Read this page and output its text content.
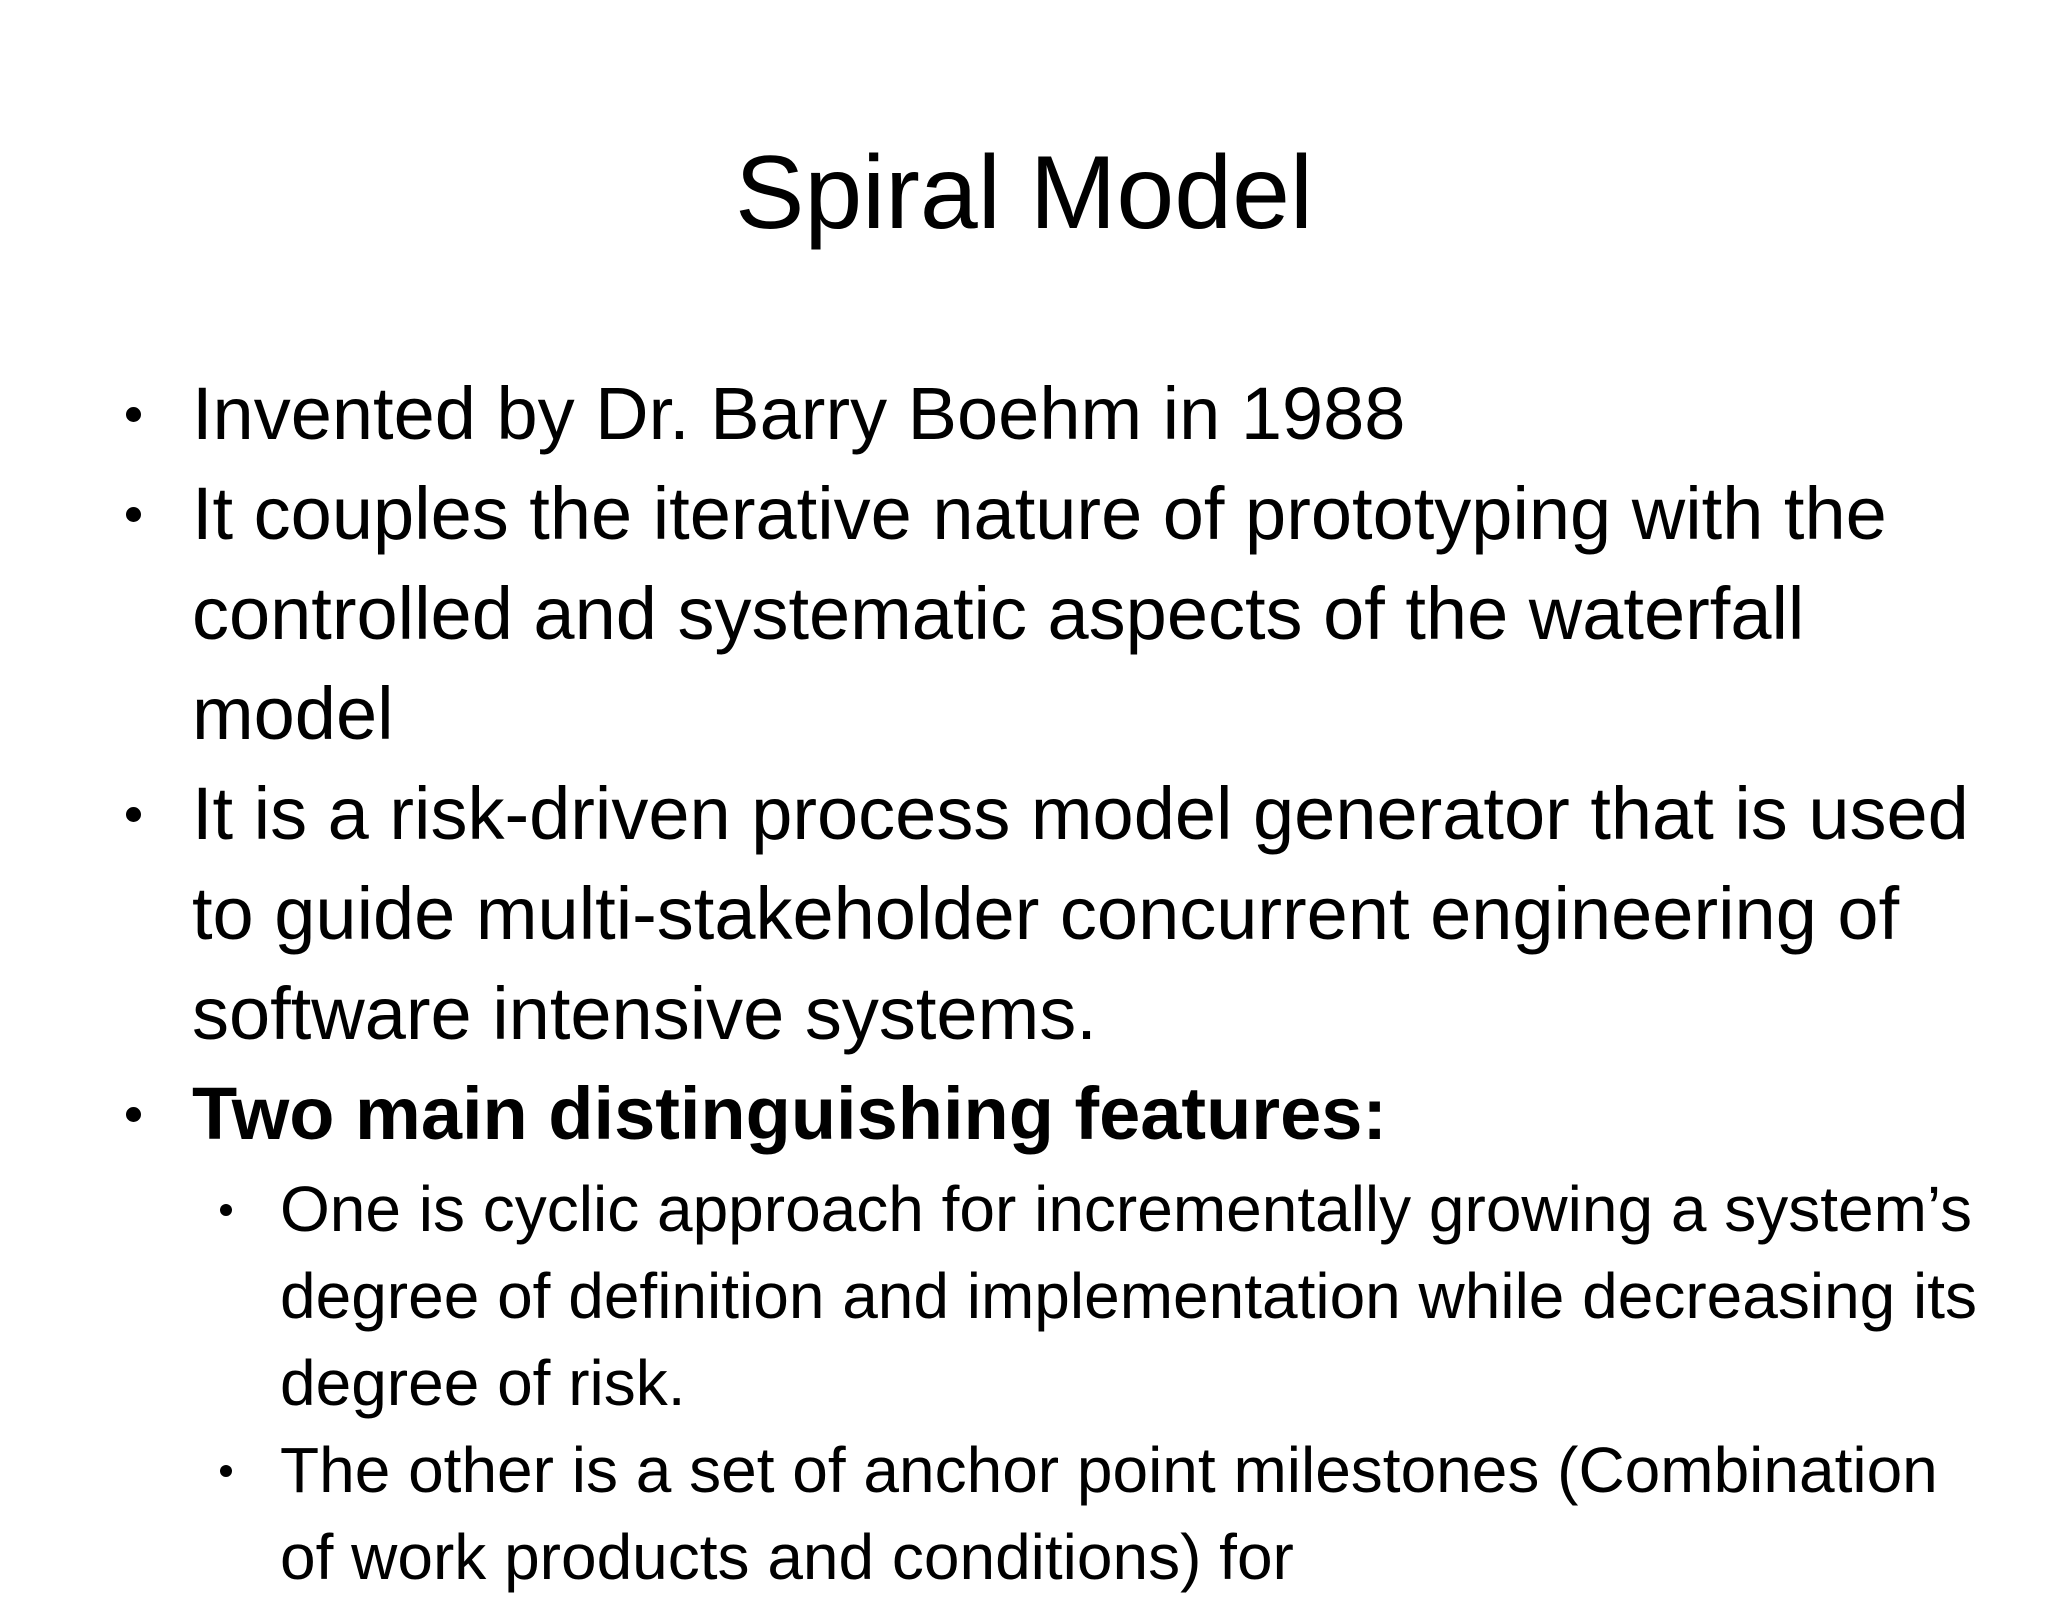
Spiral Model
Invented by Dr. Barry Boehm in 1988
It couples the iterative nature of prototyping with the controlled and systematic aspects of the waterfall model
It is a risk-driven process model generator that is used to guide multi-stakeholder concurrent engineering of software intensive systems.
Two main distinguishing features:
One is cyclic approach for incrementally growing a system’s degree of definition and implementation while decreasing its degree of risk.
The other is a set of anchor point milestones (Combination of work products and conditions) for
